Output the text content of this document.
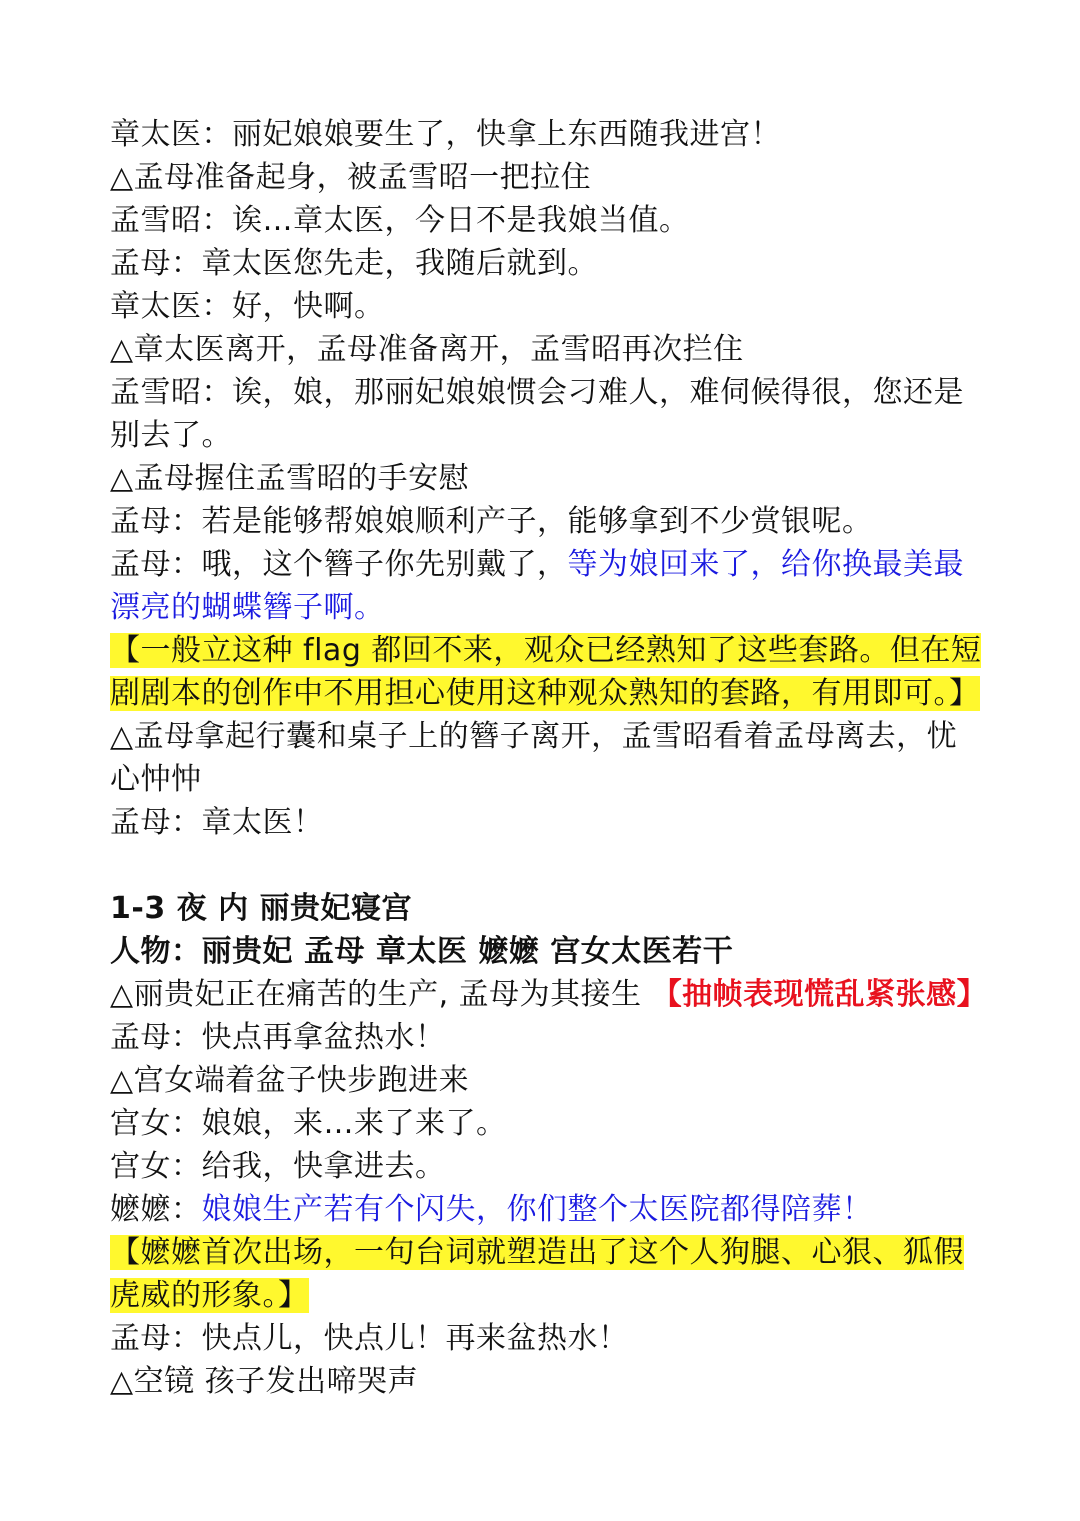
章太医：丽妃娘娘要生了，快拿上东西随我进宫！
△孟母准备起身，被孟雪昭一把拉住
孟雪昭：诶…章太医，今日不是我娘当值。
孟母：章太医您先走，我随后就到。
章太医：好，快啊。
△章太医离开，孟母准备离开，孟雪昭再次拦住
孟雪昭：诶，娘，那丽妃娘娘惯会刁难人，难伺候得很，您还是
别去了。
△孟母握住孟雪昭的手安慰
孟母：若是能够帮娘娘顺利产子，能够拿到不少赏银呢。
孟母：哦，这个簪子你先别戴了，等为娘回来了，给你换最美最
漂亮的蝴蝶簪子啊。
【一般立这种 flag 都回不来，观众已经熟知了这些套路。但在短
剧剧本的创作中不用担心使用这种观众熟知的套路，有用即可。】
△孟母拿起行囊和桌子上的簪子离开，孟雪昭看着孟母离去，忧
心忡忡
孟母：章太医！
1-3 夜 内 丽贵妃寝宫
人物：丽贵妃 孟母 章太医 嬷嬷 宫女太医若干
△丽贵妃正在痛苦的生产, 孟母为其接生 【抽帧表现慌乱紧张感】
孟母：快点再拿盆热水！
△宫女端着盆子快步跑进来
宫女：娘娘，来…来了来了。
宫女：给我，快拿进去。
嬷嬷：娘娘生产若有个闪失，你们整个太医院都得陪葬！
【嬷嬷首次出场，一句台词就塑造出了这个人狗腿、心狠、狐假
虎威的形象。】
孟母：快点儿，快点儿！再来盆热水！
△空镜 孩子发出啼哭声
